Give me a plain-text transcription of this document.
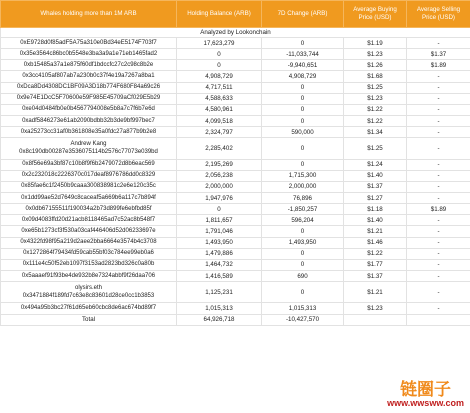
Whales holding more than 1M ARB	Holding Balance (ARB)	7D Change (ARB)	Average Buying Price (USD)	Average Selling Price (USD)
Analyzed by Lookonchain				
0xE9728d0f85adF5A75a310e0Bd34eE5174F703f7	17,623,279	0	$1.19	-
0x35e3564c86bc0b5548e3ba3a9a1e71eb1465fad2	0	-11,033,744	$1.23	$1.37
0xb15485a37a1e875f60df1bdccfc27c2c98c8b2e	0	-9,940,651	$1.26	$1.89
0x3cc4105af807ab7a230b0c37f4e19a7267a8ba1	4,908,729	4,908,729	$1.68	-
0xDca8Dd4308DC1BF09A3D18b774F680F84a69c26	4,717,511	0	$1.25	-
0x9e74E1DcC5F70600e59F985E45709aCf029E5b29	4,588,633	0	$1.23	-
0xe04d0484fb0e0b4567794008e5b8a7c7f6b7e6d	4,580,961	0	$1.22	-
0xadf5846273e61ab2090bdbb32b3de9bf997bec7	4,099,518	0	$1.22	-
0xa25273cc31af0b361808e35a0fdc27a877b9b2e8	2,324,797	590,000	$1.34	-

Andrew Kang
0x8c190db00287e3536075114b2576c77073e039bd	2,285,402	0	$1.25	-
0x8f56e69a3bf87c10b8f9f6b2479072d8b6eac569	2,195,269	0	$1.24	-
0x2c232018c2226370c017deaf8976786dd0c8329	2,056,238	1,715,300	$1.40	-
0x85fae6c1f2450b9caaa300838981c2e6e120c35c	2,000,000	2,000,000	$1.37	-
0x1dd99ae52d7649c8caceaf5a669b6a117c7b894f	1,947,976	76,896	$1.27	-
0x0db67155511f190034a2b73d899fe6ebfbd85f	0	-1,850,257	$1.18	$1.89
0x09d4083ffd20d21acb8118465ad7c52ac8b548f7	1,811,657	596,204	$1.40	-
0xe65b1273cf3f530a03caf446406d52d06233697e	1,791,046	0	$1.21	-
0x4322fd98f95a219d2aee2bba6664e3574b4c3708	1,493,950	1,493,950	$1.46	-
0x1272864f79434fd59cab55bf03c784ee99eb0a6	1,479,886	0	$1.22	-
0x111e4c50f52eb1097f3153ad2823bd326c0a80b	1,464,732	0	$1.77	-
0x5aaaef91f93be4de932b8e7324abbf9f26daa706	1,416,589	690	$1.37	-

olysirs.eth
0x3471884f189fd7c63e8c83601d28ce0cc1b3853	1,125,231	0	$1.21	-
0x494a95b3bc27f61d65eb60cbc8de6ac674bd89f7	1,015,313	1,015,313	$1.23	-
Total	64,926,718	-10,427,570		
链圈子
www.wwsww.com
